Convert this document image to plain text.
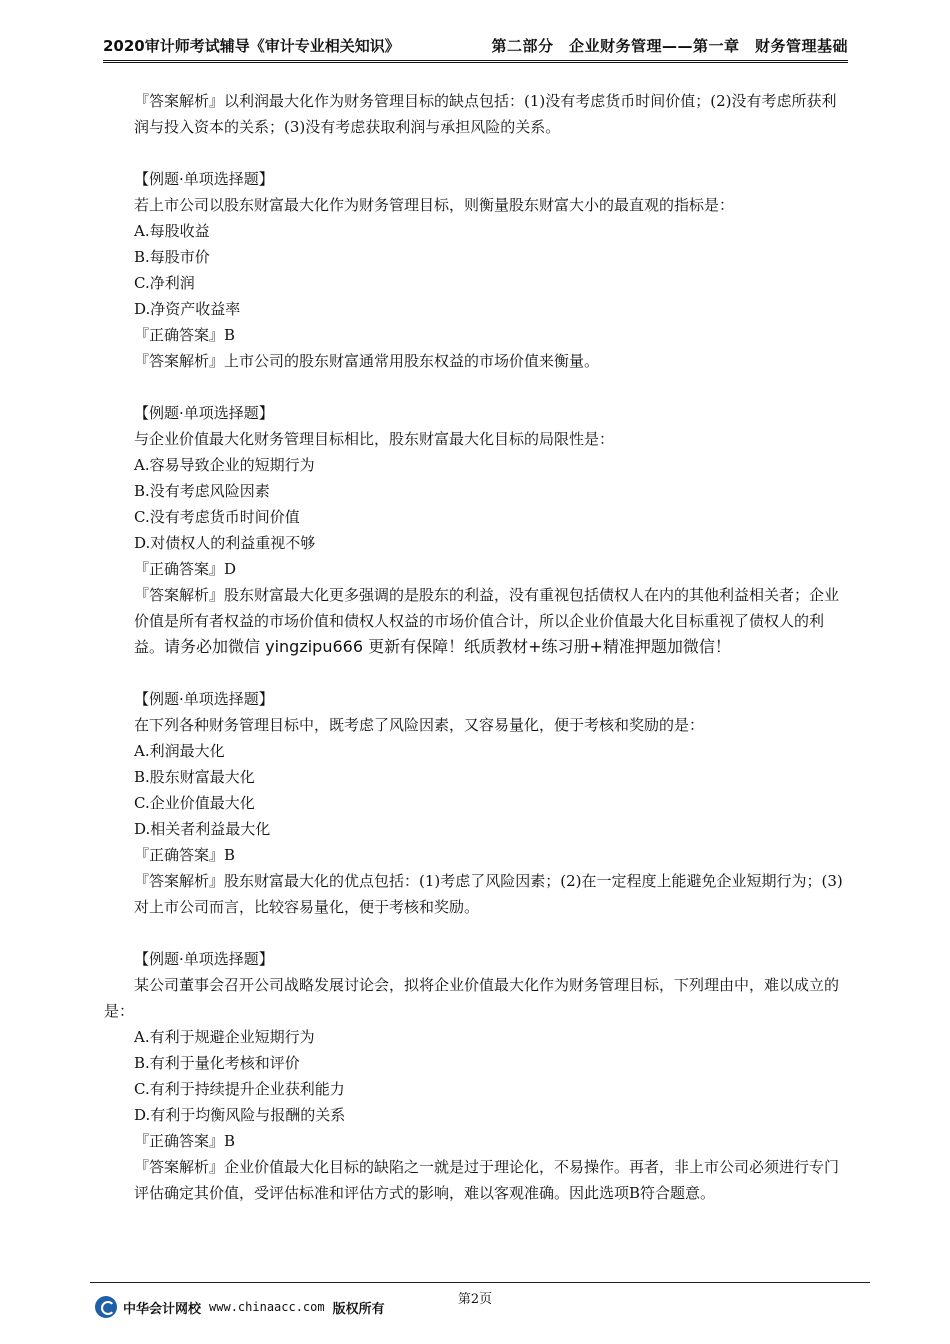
2020审计师考试辅导《审计专业相关知识》	第二部分　企业财务管理——第一章　财务管理基础
『答案解析』以利润最大化作为财务管理目标的缺点包括：(1)没有考虑货币时间价值；(2)没有考虑所获利润与投入资本的关系；(3)没有考虑获取利润与承担风险的关系。
【例题·单项选择题】
若上市公司以股东财富最大化作为财务管理目标，则衡量股东财富大小的最直观的指标是：
A.每股收益
B.每股市价
C.净利润
D.净资产收益率
『正确答案』B
『答案解析』上市公司的股东财富通常用股东权益的市场价值来衡量。
【例题·单项选择题】
与企业价值最大化财务管理目标相比，股东财富最大化目标的局限性是：
A.容易导致企业的短期行为
B.没有考虑风险因素
C.没有考虑货币时间价值
D.对债权人的利益重视不够
『正确答案』D
『答案解析』股东财富最大化更多强调的是股东的利益，没有重视包括债权人在内的其他利益相关者；企业价值是所有者权益的市场价值和债权人权益的市场价值合计，所以企业价值最大化目标重视了债权人的利益。请务必加微信 yingzipu666 更新有保障！纸质教材+练习册+精准押题加微信！
【例题·单项选择题】
在下列各种财务管理目标中，既考虑了风险因素，又容易量化，便于考核和奖励的是：
A.利润最大化
B.股东财富最大化
C.企业价值最大化
D.相关者利益最大化
『正确答案』B
『答案解析』股东财富最大化的优点包括：(1)考虑了风险因素；(2)在一定程度上能避免企业短期行为；(3)对上市公司而言，比较容易量化，便于考核和奖励。
【例题·单项选择题】
某公司董事会召开公司战略发展讨论会，拟将企业价值最大化作为财务管理目标，下列理由中，难以成立的是：
A.有利于规避企业短期行为
B.有利于量化考核和评价
C.有利于持续提升企业获利能力
D.有利于均衡风险与报酬的关系
『正确答案』B
『答案解析』企业价值最大化目标的缺陷之一就是过于理论化，不易操作。再者，非上市公司必须进行专门评估确定其价值，受评估标准和评估方式的影响，难以客观准确。因此选项B符合题意。
中华会计网校 www.chinaacc.com 版权所有
第2页
